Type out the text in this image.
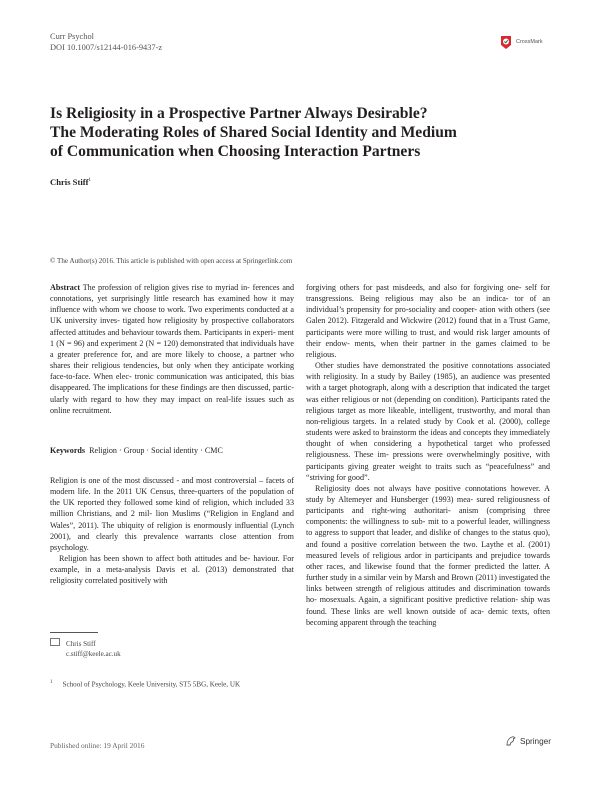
Curr Psychol
DOI 10.1007/s12144-016-9437-z
CrossMark
Is Religiosity in a Prospective Partner Always Desirable?
The Moderating Roles of Shared Social Identity and Medium
of Communication when Choosing Interaction Partners
Chris Stiff$^1$
© The Author(s) 2016. This article is published with open access at Springerlink.com

Abstract The profession of religion gives rise to myriad in- ferences and connotations, yet surprisingly little research has examined how it may influence with whom we choose to work. Two experiments conducted at a UK university inves- tigated how religiosity by prospective collaborators affected attitudes and behaviour towards them. Participants in experi- ment 1 (N = 96) and experiment 2 (N = 120) demonstrated that individuals have a greater preference for, and are more likely to choose, a partner who shares their religious tendencies, but only when they anticipate working face-to-face. When elec- tronic communication was anticipated, this bias disappeared. The implications for these findings are then discussed, partic- ularly with regard to how they may impact on real-life issues such as online recruitment.

Keywords Religion · Group · Social identity · CMC

Religion is one of the most discussed - and most controversial – facets of modern life. In the 2011 UK Census, three-quarters of the population of the UK reported they followed some kind of religion, which included 33 million Christians, and 2 mil- lion Muslims (“Religion in England and Wales”, 2011). The ubiquity of religion is enormously influential (Lynch 2001), and clearly this prevalence warrants close attention from psychology.

Religion has been shown to affect both attitudes and be- haviour. For example, in a meta-analysis Davis et al. (2013) demonstrated that religiosity correlated positively with

forgiving others for past misdeeds, and also for forgiving one- self for transgressions. Being religious may also be an indica- tor of an individual’s propensity for pro-sociality and cooper- ation with others (see Galen 2012). Fitzgerald and Wickwire (2012) found that in a Trust Game, participants were more willing to trust, and would risk larger amounts of their endow- ments, when their partner in the games claimed to be religious.

Other studies have demonstrated the positive connotations associated with religiosity. In a study by Bailey (1985), an audience was presented with a target photograph, along with a description that indicated the target was either religious or not (depending on condition). Participants rated the religious target as more likeable, intelligent, trustworthy, and moral than non-religious targets. In a related study by Cook et al. (2000), college students were asked to brainstorm the ideas and concepts they immediately thought of when considering a hypothetical target who professed religiousness. These im- pressions were overwhelmingly positive, with participants giving greater weight to traits such as “peacefulness” and “striving for good”.

Religiosity does not always have positive connotations however. A study by Altemeyer and Hunsberger (1993) mea- sured religiousness of participants and right-wing authoritari- anism (comprising three components: the willingness to sub- mit to a powerful leader, willingness to aggress to support that leader, and dislike of changes to the status quo), and found a positive correlation between the two. Laythe et al. (2001) measured levels of religious ardor in participants and prejudice towards other races, and likewise found that the former predicted the latter. A further study in a similar vein by Marsh and Brown (2011) investigated the links between strength of religious attitudes and discrimination towards ho- mosexuals. Again, a significant positive predictive relation- ship was found. These links are well known outside of aca- demic texts, often becoming apparent through the teaching

Chris Stiff
c.stiff@keele.ac.uk
$^1$ School of Psychology, Keele University, ST5 5BG, Keele, UK
Published online: 19 April 2016	Springer
